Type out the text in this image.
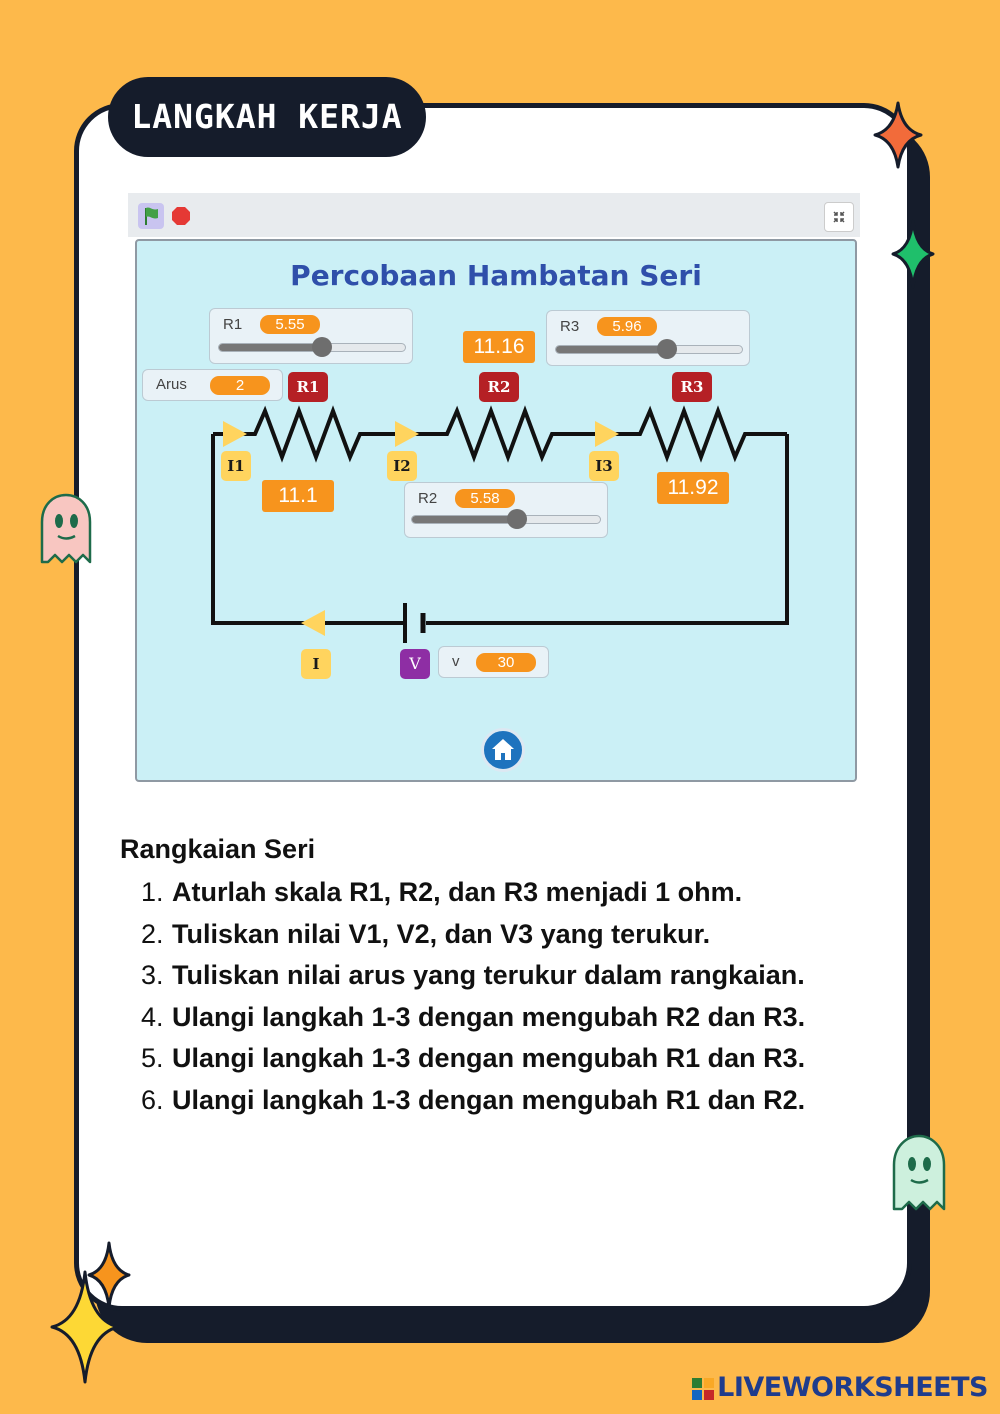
LANGKAH KERJA
Percobaan Hambatan Seri
R1	5.55	R3	5.96
R2	5.58
Arus	2
v	30
11.1
11.16
11.92
R1	R2	R3
I1	I2	I3
I	V
Rangkaian Seri
1. Aturlah skala R1, R2, dan R3 menjadi 1 ohm.
2. Tuliskan nilai V1, V2, dan V3 yang terukur.
3. Tuliskan nilai arus yang terukur dalam rangkaian.
4. Ulangi langkah 1-3 dengan mengubah R2 dan R3.
5. Ulangi langkah 1-3 dengan mengubah R1 dan R3.
6. Ulangi langkah 1-3 dengan mengubah R1 dan R2.
LIVEWORKSHEETS
